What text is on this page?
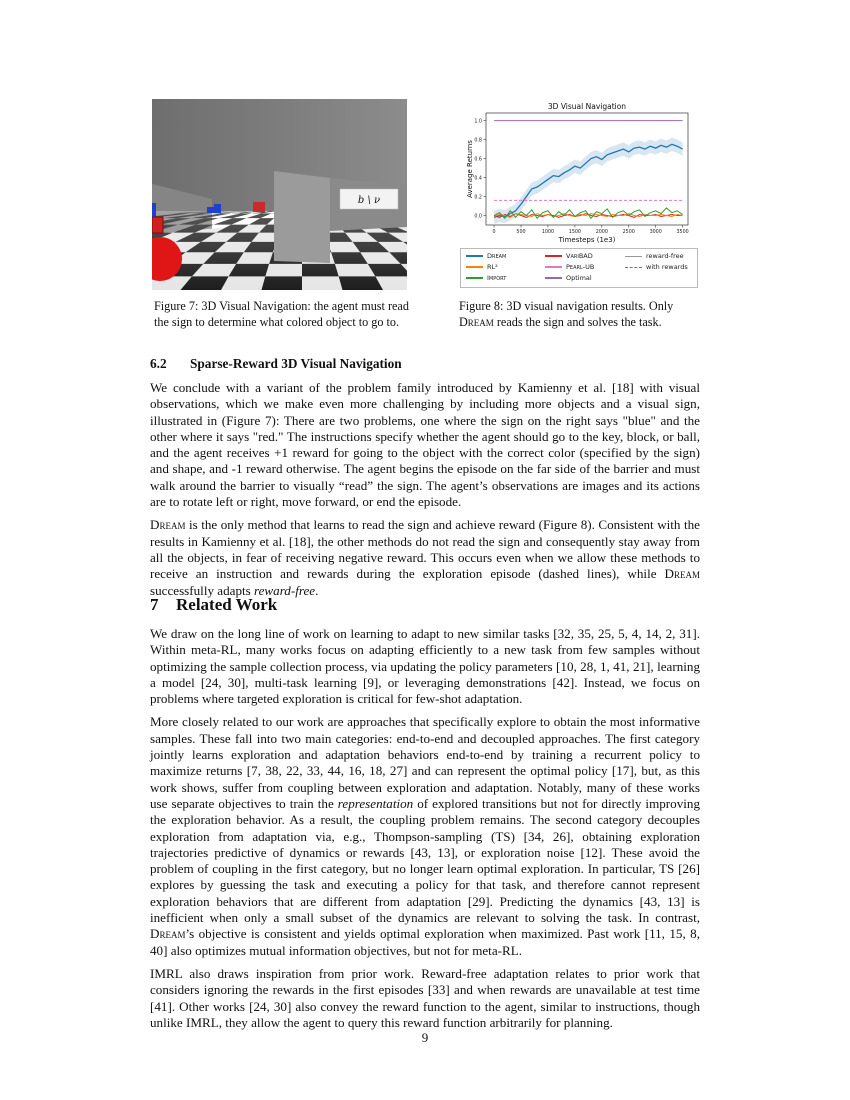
b \ ν
Figure 7: 3D Visual Navigation: the agent must read the sign to determine what colored object to go to.
3D Visual Navigation
0.0
0.2
0.4
0.6
0.8
1.0
0	500	1000	1500	2000	2500	3000	3500
Timesteps (1e3)
Average Returns
Dream
RL²
Import
VariBAD
Pearl-UB
Optimal
reward-free
with rewards
Figure 8: 3D visual navigation results. Only Dream reads the sign and solves the task.
6.2 Sparse-Reward 3D Visual Navigation

We conclude with a variant of the problem family introduced by Kamienny et al. [18] with visual observations, which we make even more challenging by including more objects and a visual sign, illustrated in (Figure 7): There are two problems, one where the sign on the right says "blue" and the other where it says "red." The instructions specify whether the agent should go to the key, block, or ball, and the agent receives +1 reward for going to the object with the correct color (specified by the sign) and shape, and -1 reward otherwise. The agent begins the episode on the far side of the barrier and must walk around the barrier to visually “read” the sign. The agent’s observations are images and its actions are to rotate left or right, move forward, or end the episode.

Dream is the only method that learns to read the sign and achieve reward (Figure 8). Consistent with the results in Kamienny et al. [18], the other methods do not read the sign and consequently stay away from all the objects, in fear of receiving negative reward. This occurs even when we allow these methods to receive an instruction and rewards during the exploration episode (dashed lines), while Dream successfully adapts reward-free.

7 Related Work

We draw on the long line of work on learning to adapt to new similar tasks [32, 35, 25, 5, 4, 14, 2, 31]. Within meta-RL, many works focus on adapting efficiently to a new task from few samples without optimizing the sample collection process, via updating the policy parameters [10, 28, 1, 41, 21], learning a model [24, 30], multi-task learning [9], or leveraging demonstrations [42]. Instead, we focus on problems where targeted exploration is critical for few-shot adaptation.

More closely related to our work are approaches that specifically explore to obtain the most informative samples. These fall into two main categories: end-to-end and decoupled approaches. The first category jointly learns exploration and adaptation behaviors end-to-end by training a recurrent policy to maximize returns [7, 38, 22, 33, 44, 16, 18, 27] and can represent the optimal policy [17], but, as this work shows, suffer from coupling between exploration and adaptation. Notably, many of these works use separate objectives to train the representation of explored transitions but not for directly improving the exploration behavior. As a result, the coupling problem remains. The second category decouples exploration from adaptation via, e.g., Thompson-sampling (TS) [34, 26], obtaining exploration trajectories predictive of dynamics or rewards [43, 13], or exploration noise [12]. These avoid the problem of coupling in the first category, but no longer learn optimal exploration. In particular, TS [26] explores by guessing the task and executing a policy for that task, and therefore cannot represent exploration behaviors that are different from adaptation [29]. Predicting the dynamics [43, 13] is inefficient when only a small subset of the dynamics are relevant to solving the task. In contrast, Dream’s objective is consistent and yields optimal exploration when maximized. Past work [11, 15, 8, 40] also optimizes mutual information objectives, but not for meta-RL.

IMRL also draws inspiration from prior work. Reward-free adaptation relates to prior work that considers ignoring the rewards in the first episodes [33] and when rewards are unavailable at test time [41]. Other works [24, 30] also convey the reward function to the agent, similar to instructions, though unlike IMRL, they allow the agent to query this reward function arbitrarily for planning.

9
